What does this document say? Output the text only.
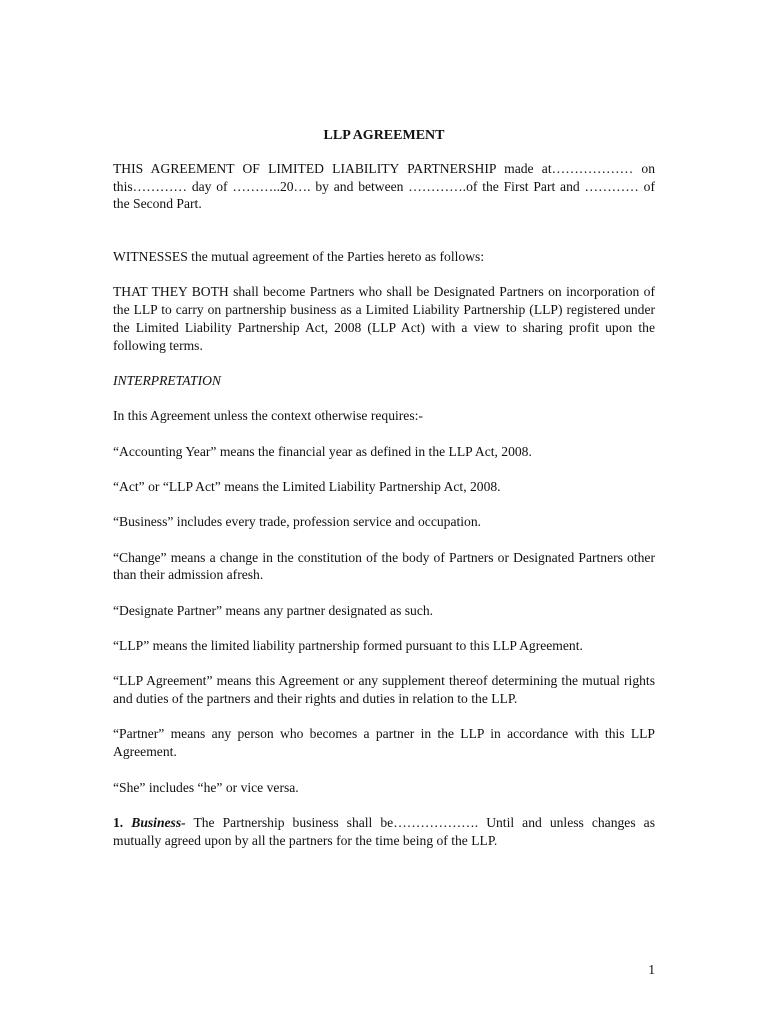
LLP AGREEMENT

THIS AGREEMENT OF LIMITED LIABILITY PARTNERSHIP made at……………… on this………… day of ………..20…. by and between ………….of the First Part and ………… of the Second Part.

WITNESSES the mutual agreement of the Parties hereto as follows:

THAT THEY BOTH shall become Partners who shall be Designated Partners on incorporation of the LLP to carry on partnership business as a Limited Liability Partnership (LLP) registered under the Limited Liability Partnership Act, 2008 (LLP Act) with a view to sharing profit upon the following terms.

INTERPRETATION

In this Agreement unless the context otherwise requires:-

“Accounting Year” means the financial year as defined in the LLP Act, 2008.

“Act” or “LLP Act” means the Limited Liability Partnership Act, 2008.

“Business” includes every trade, profession service and occupation.

“Change” means a change in the constitution of the body of Partners or Designated Partners other than their admission afresh.

“Designate Partner” means any partner designated as such.

“LLP” means the limited liability partnership formed pursuant to this LLP Agreement.

“LLP Agreement” means this Agreement or any supplement thereof determining the mutual rights and duties of the partners and their rights and duties in relation to the LLP.

“Partner” means any person who becomes a partner in the LLP in accordance with this LLP Agreement.

“She” includes “he” or vice versa.

1. Business- The Partnership business shall be………………. Until and unless changes as mutually agreed upon by all the partners for the time being of the LLP.

1
